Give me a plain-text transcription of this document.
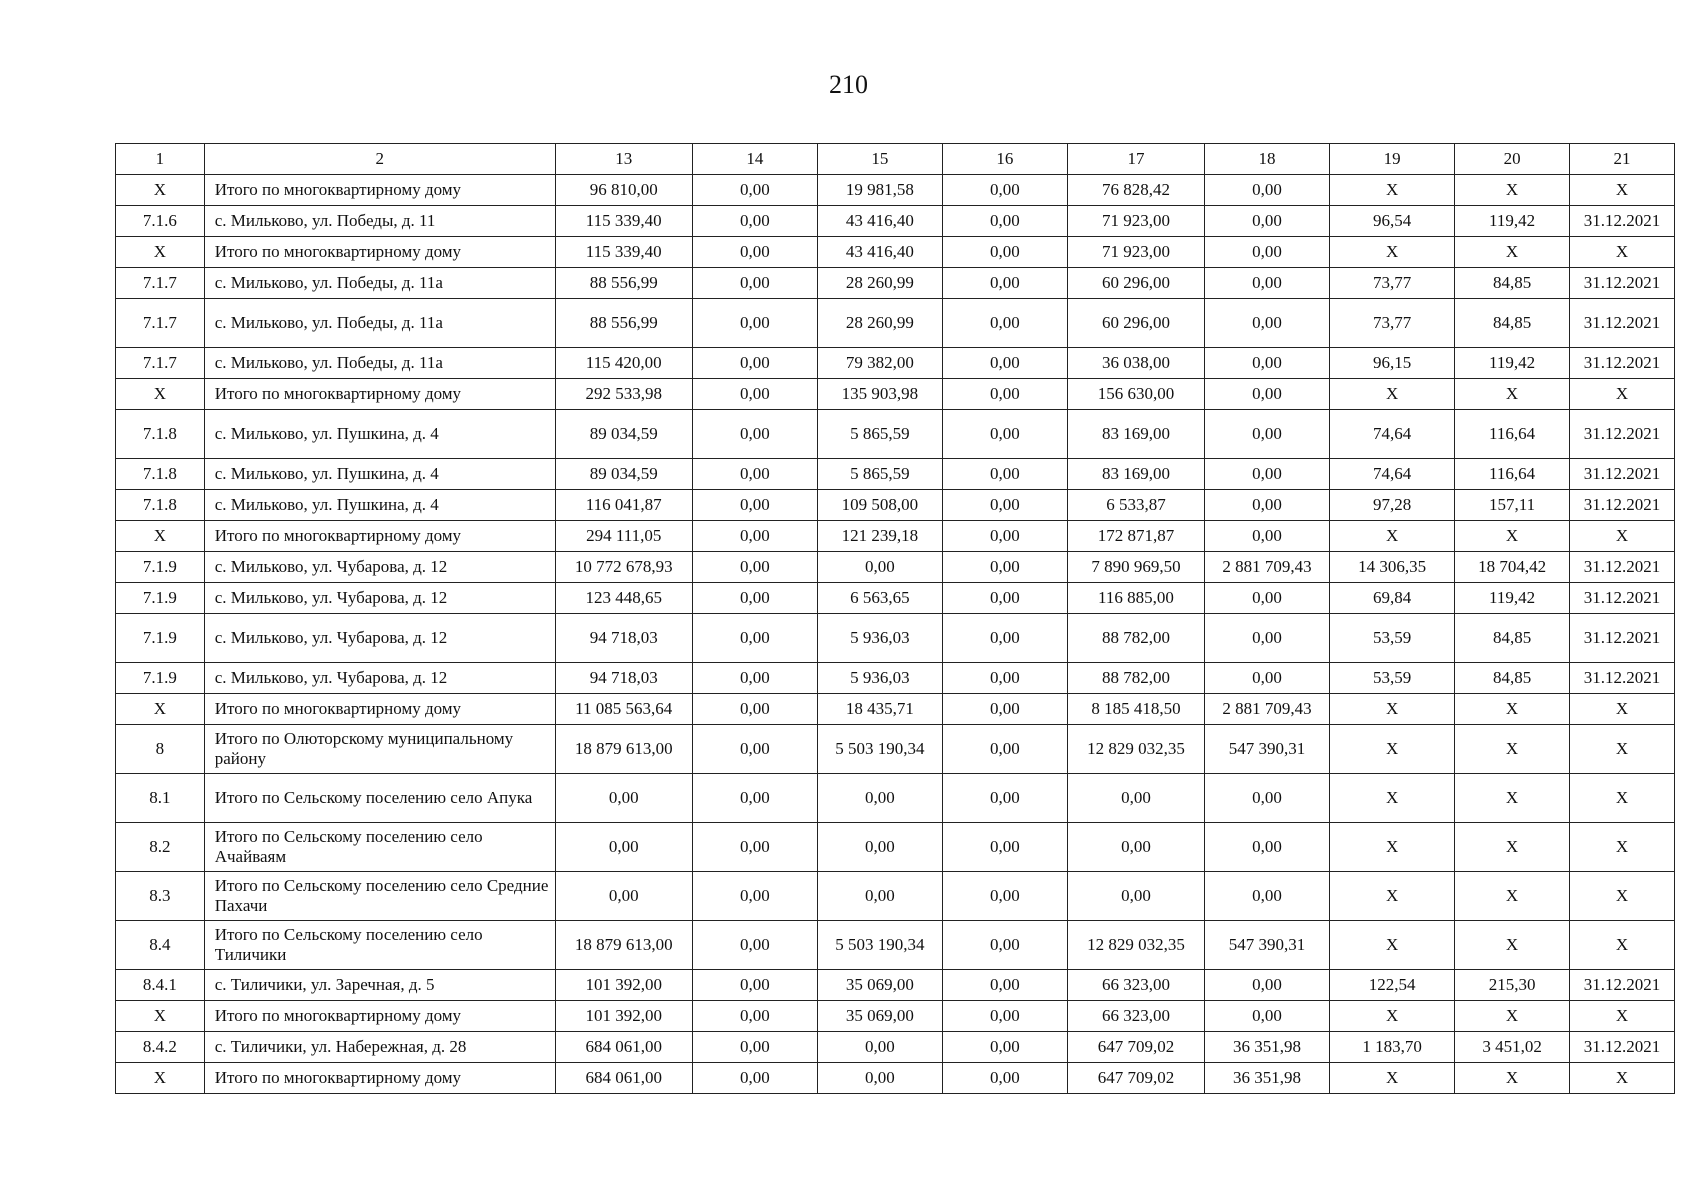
210
1	2	13	14	15	16	17	18	19	20	21
X	Итого по многоквартирному дому	96 810,00	0,00	19 981,58	0,00	76 828,42	0,00	X	X	X
7.1.6	с. Мильково, ул. Победы, д. 11	115 339,40	0,00	43 416,40	0,00	71 923,00	0,00	96,54	119,42	31.12.2021
X	Итого по многоквартирному дому	115 339,40	0,00	43 416,40	0,00	71 923,00	0,00	X	X	X
7.1.7	с. Мильково, ул. Победы, д. 11а	88 556,99	0,00	28 260,99	0,00	60 296,00	0,00	73,77	84,85	31.12.2021
7.1.7	с. Мильково, ул. Победы, д. 11а	88 556,99	0,00	28 260,99	0,00	60 296,00	0,00	73,77	84,85	31.12.2021
7.1.7	с. Мильково, ул. Победы, д. 11а	115 420,00	0,00	79 382,00	0,00	36 038,00	0,00	96,15	119,42	31.12.2021
X	Итого по многоквартирному дому	292 533,98	0,00	135 903,98	0,00	156 630,00	0,00	X	X	X
7.1.8	с. Мильково, ул. Пушкина, д. 4	89 034,59	0,00	5 865,59	0,00	83 169,00	0,00	74,64	116,64	31.12.2021
7.1.8	с. Мильково, ул. Пушкина, д. 4	89 034,59	0,00	5 865,59	0,00	83 169,00	0,00	74,64	116,64	31.12.2021
7.1.8	с. Мильково, ул. Пушкина, д. 4	116 041,87	0,00	109 508,00	0,00	6 533,87	0,00	97,28	157,11	31.12.2021
X	Итого по многоквартирному дому	294 111,05	0,00	121 239,18	0,00	172 871,87	0,00	X	X	X
7.1.9	с. Мильково, ул. Чубарова, д. 12	10 772 678,93	0,00	0,00	0,00	7 890 969,50	2 881 709,43	14 306,35	18 704,42	31.12.2021
7.1.9	с. Мильково, ул. Чубарова, д. 12	123 448,65	0,00	6 563,65	0,00	116 885,00	0,00	69,84	119,42	31.12.2021
7.1.9	с. Мильково, ул. Чубарова, д. 12	94 718,03	0,00	5 936,03	0,00	88 782,00	0,00	53,59	84,85	31.12.2021
7.1.9	с. Мильково, ул. Чубарова, д. 12	94 718,03	0,00	5 936,03	0,00	88 782,00	0,00	53,59	84,85	31.12.2021
X	Итого по многоквартирному дому	11 085 563,64	0,00	18 435,71	0,00	8 185 418,50	2 881 709,43	X	X	X
8	Итого по Олюторскому муниципальному району	18 879 613,00	0,00	5 503 190,34	0,00	12 829 032,35	547 390,31	X	X	X
8.1	Итого по Сельскому поселению село Апука	0,00	0,00	0,00	0,00	0,00	0,00	X	X	X
8.2	Итого по Сельскому поселению село Ачайваям	0,00	0,00	0,00	0,00	0,00	0,00	X	X	X
8.3	Итого по Сельскому поселению село Средние Пахачи	0,00	0,00	0,00	0,00	0,00	0,00	X	X	X
8.4	Итого по Сельскому поселению село Тиличики	18 879 613,00	0,00	5 503 190,34	0,00	12 829 032,35	547 390,31	X	X	X
8.4.1	с. Тиличики, ул. Заречная, д. 5	101 392,00	0,00	35 069,00	0,00	66 323,00	0,00	122,54	215,30	31.12.2021
X	Итого по многоквартирному дому	101 392,00	0,00	35 069,00	0,00	66 323,00	0,00	X	X	X
8.4.2	с. Тиличики, ул. Набережная, д. 28	684 061,00	0,00	0,00	0,00	647 709,02	36 351,98	1 183,70	3 451,02	31.12.2021
X	Итого по многоквартирному дому	684 061,00	0,00	0,00	0,00	647 709,02	36 351,98	X	X	X
